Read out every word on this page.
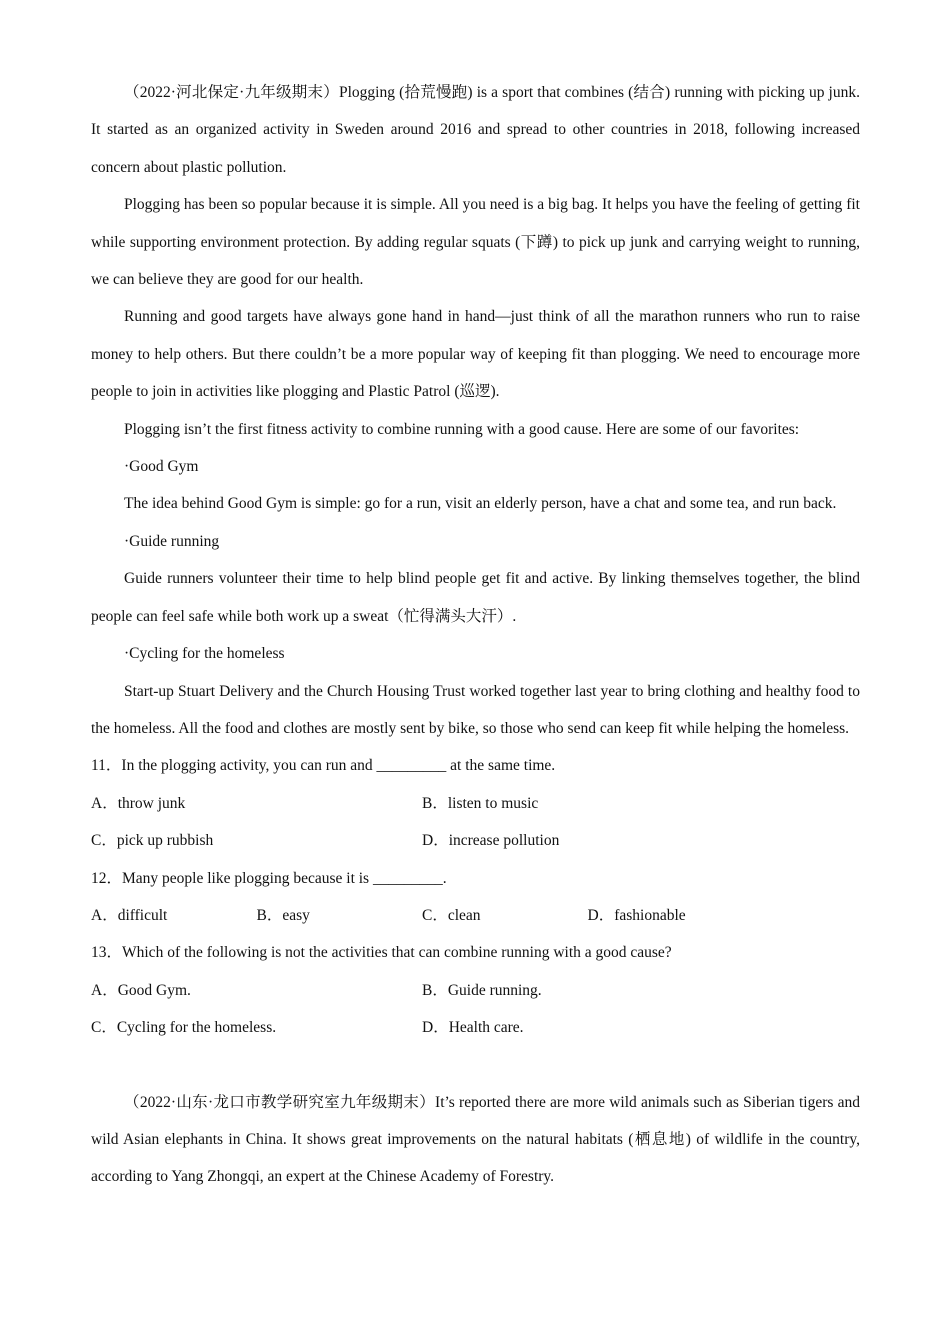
（2022·河北保定·九年级期末）Plogging (拾荒慢跑) is a sport that combines (结合) running with picking up junk. It started as an organized activity in Sweden around 2016 and spread to other countries in 2018, following increased concern about plastic pollution.

Plogging has been so popular because it is simple. All you need is a big bag. It helps you have the feeling of getting fit while supporting environment protection. By adding regular squats (下蹲) to pick up junk and carrying weight to running, we can believe they are good for our health.

Running and good targets have always gone hand in hand—just think of all the marathon runners who run to raise money to help others. But there couldn’t be a more popular way of keeping fit than plogging. We need to encourage more people to join in activities like plogging and Plastic Patrol (巡逻).

Plogging isn’t the first fitness activity to combine running with a good cause. Here are some of our favorites:

·Good Gym

The idea behind Good Gym is simple: go for a run, visit an elderly person, have a chat and some tea, and run back.

·Guide running

Guide runners volunteer their time to help blind people get fit and active. By linking themselves together, the blind people can feel safe while both work up a sweat（忙得满头大汗）.

·Cycling for the homeless

Start-up Stuart Delivery and the Church Housing Trust worked together last year to bring clothing and healthy food to the homeless. All the food and clothes are mostly sent by bike, so those who send can keep fit while helping the homeless.

11．In the plogging activity, you can run and _________ at the same time.

A．throw junk	B．listen to music
C．pick up rubbish	D．increase pollution

12．Many people like plogging because it is _________.

A．difficult	B．easy	C．clean	D．fashionable

13．Which of the following is not the activities that can combine running with a good cause?

A．Good Gym.	B．Guide running.
C．Cycling for the homeless.	D．Health care.

（2022·山东·龙口市教学研究室九年级期末）It’s reported there are more wild animals such as Siberian tigers and wild Asian elephants in China. It shows great improvements on the natural habitats (栖息地) of wildlife in the country, according to Yang Zhongqi, an expert at the Chinese Academy of Forestry.
